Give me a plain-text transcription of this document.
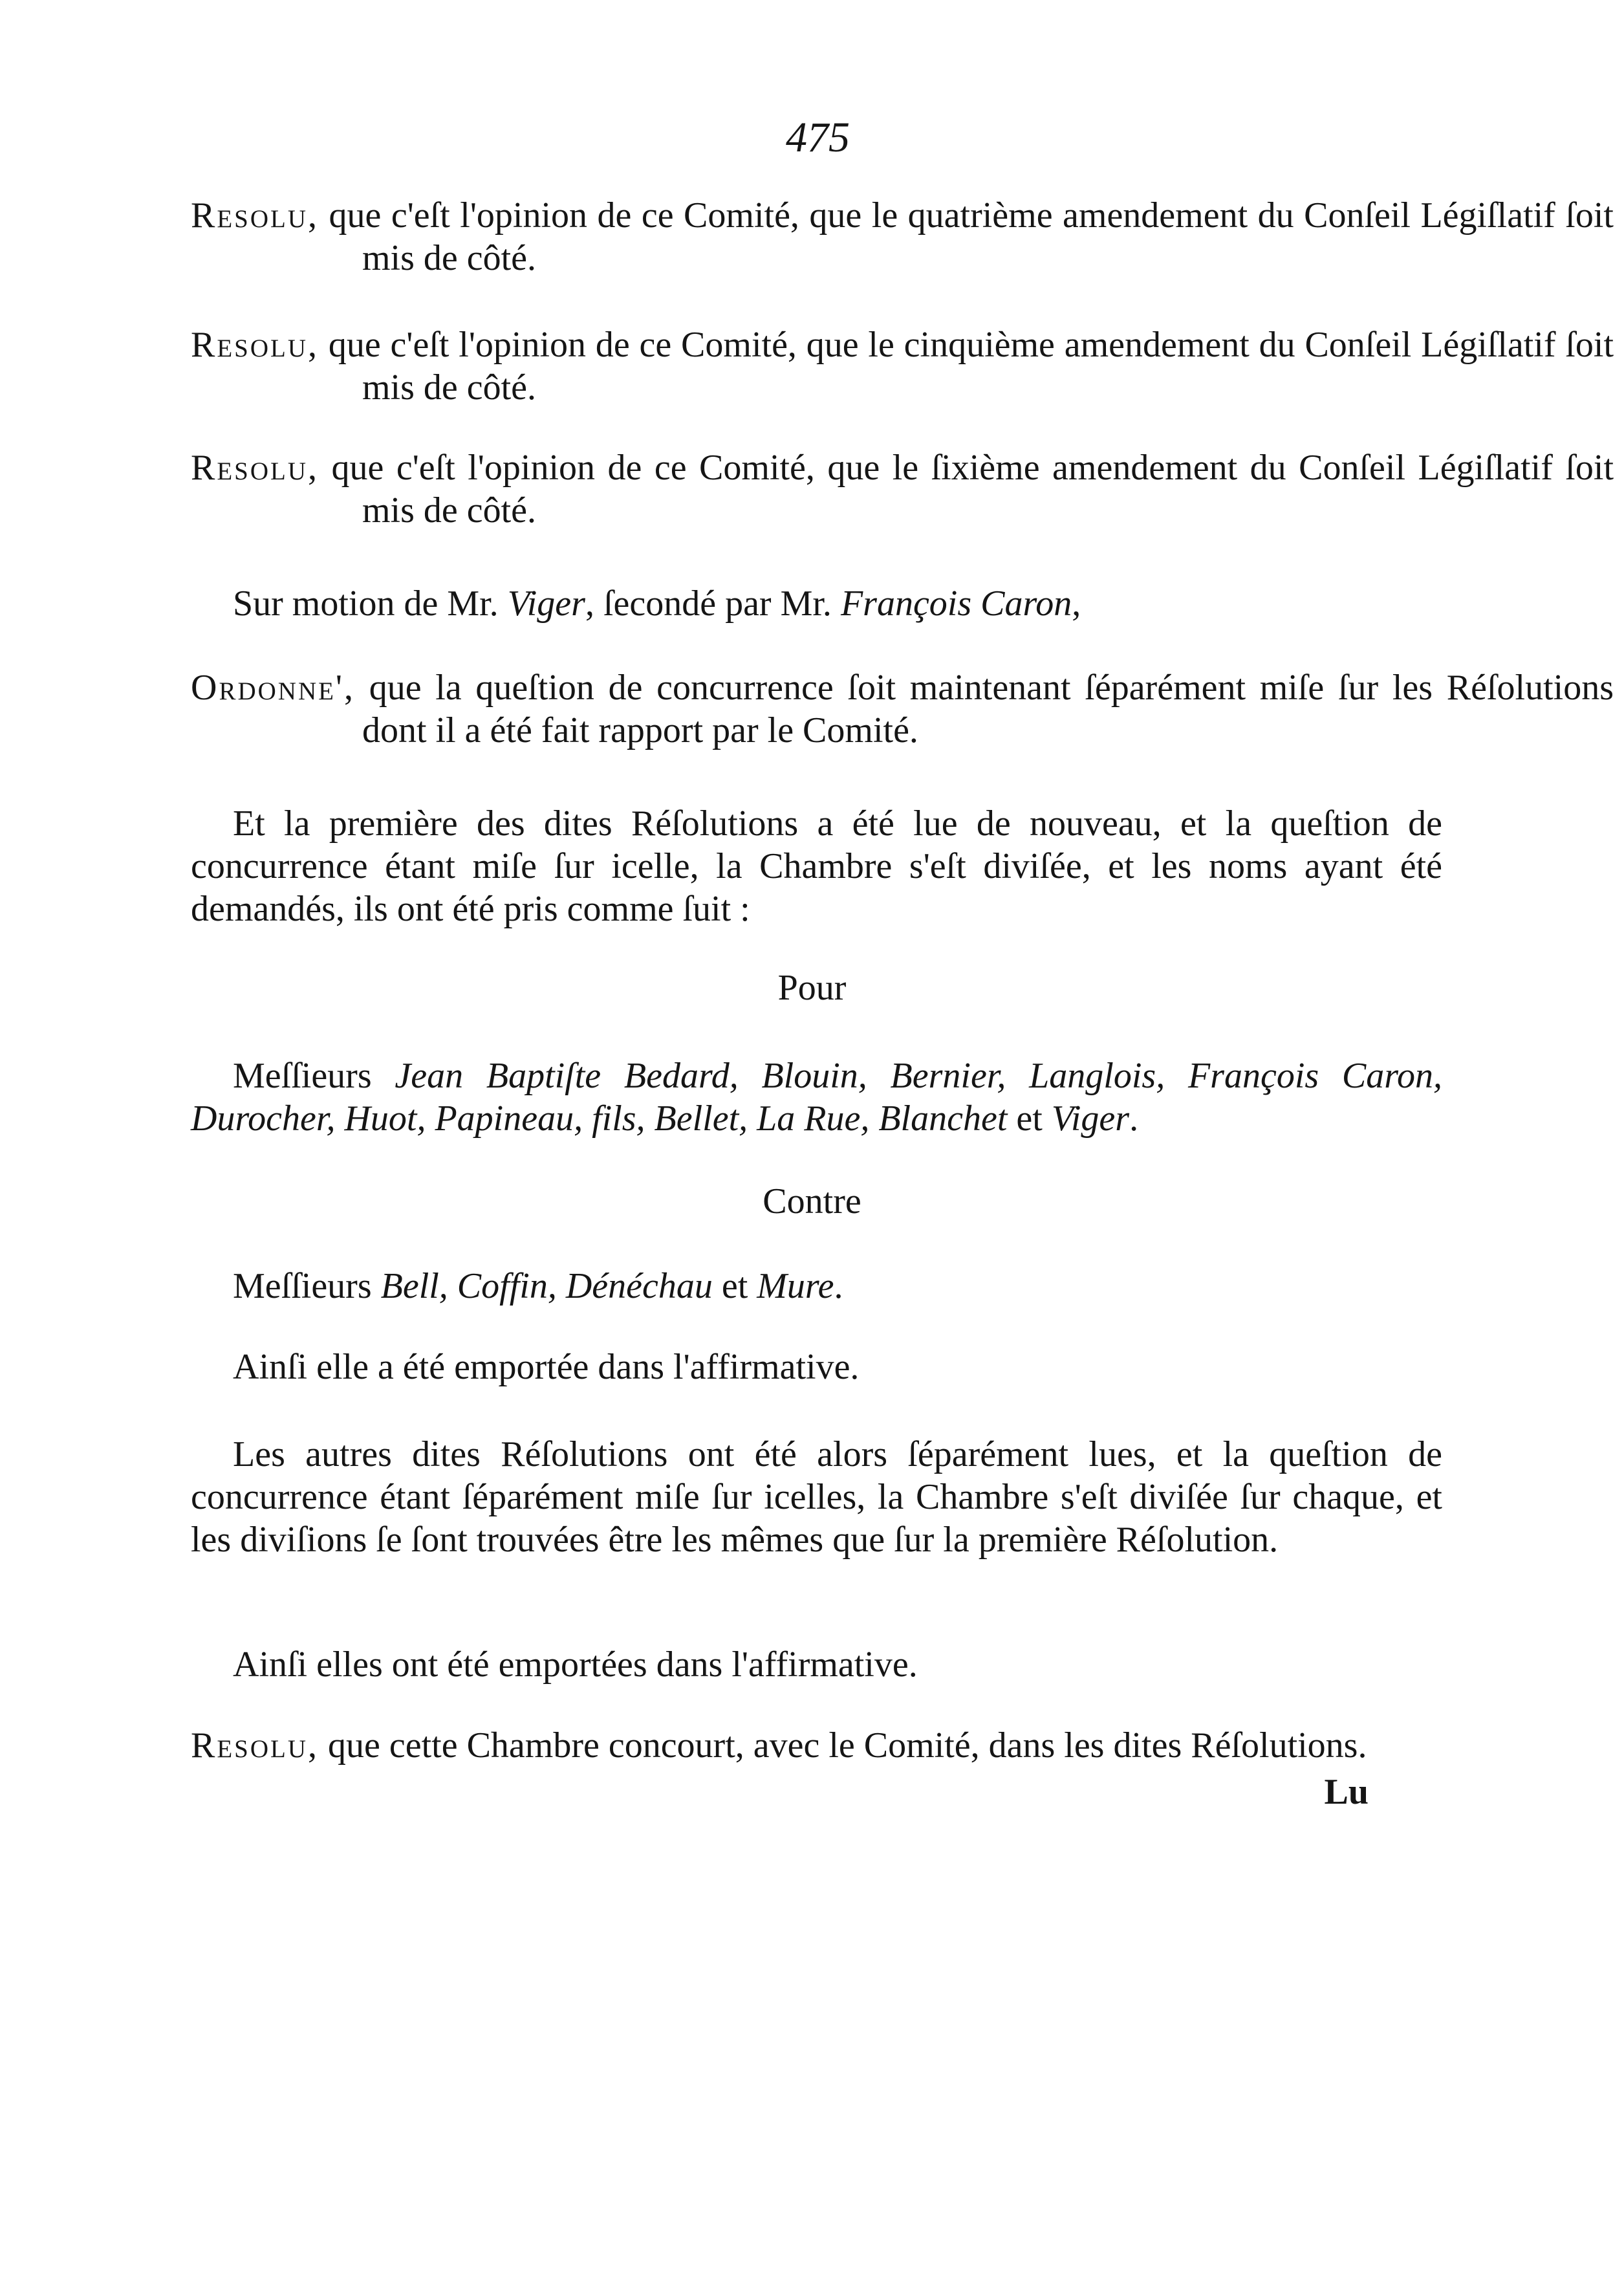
475

Resolu, que c'eſt l'opinion de ce Comité, que le quatrième amendement du Conſeil Légiſlatif ſoit mis de côté.

Resolu, que c'eſt l'opinion de ce Comité, que le cinquième amendement du Conſeil Légiſlatif ſoit mis de côté.

Resolu, que c'eſt l'opinion de ce Comité, que le ſixième amendement du Conſeil Légiſlatif ſoit mis de côté.

Sur motion de Mr. Viger, ſecondé par Mr. François Caron,

Ordonne', que la queſtion de concurrence ſoit maintenant ſéparément miſe ſur les Réſolutions dont il a été fait rapport par le Comité.

Et la première des dites Réſolutions a été lue de nouveau, et la queſtion de concurrence étant miſe ſur icelle, la Chambre s'eſt diviſée, et les noms ayant été demandés, ils ont été pris comme ſuit :

Pour

Meſſieurs Jean Baptiſte Bedard, Blouin, Bernier, Langlois, François Caron, Durocher, Huot, Papineau, fils, Bellet, La Rue, Blanchet et Viger.

Contre

Meſſieurs Bell, Coffin, Dénéchau et Mure.

Ainſi elle a été emportée dans l'affirmative.

Les autres dites Réſolutions ont été alors ſéparément lues, et la queſtion de concurrence étant ſéparément miſe ſur icelles, la Chambre s'eſt diviſée ſur chaque, et les diviſions ſe ſont trouvées être les mêmes que ſur la première Réſolution.

Ainſi elles ont été emportées dans l'affirmative.

Resolu, que cette Chambre concourt, avec le Comité, dans les dites Réſolutions.

Lu
